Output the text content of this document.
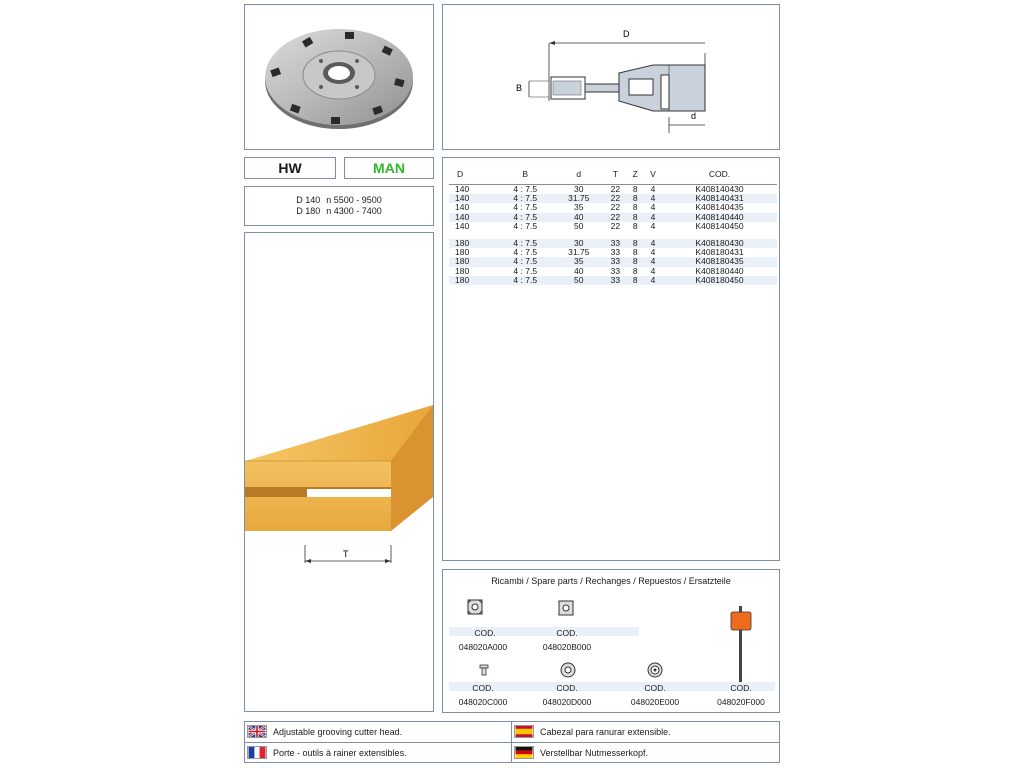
D
B
d
HW	MAN
D 140 n 5500 - 9500
D 180 n 4300 - 7400
T
D	B	d	T	Z	V	COD.
140	4 : 7.5	30	22	8	4	K408140430
140	4 : 7.5	31.75	22	8	4	K408140431
140	4 : 7.5	35	22	8	4	K408140435
140	4 : 7.5	40	22	8	4	K408140440
140	4 : 7.5	50	22	8	4	K408140450

180	4 : 7.5	30	33	8	4	K408180430
180	4 : 7.5	31.75	33	8	4	K408180431
180	4 : 7.5	35	33	8	4	K408180435
180	4 : 7.5	40	33	8	4	K408180440
180	4 : 7.5	50	33	8	4	K408180450
Ricambi / Spare parts / Rechanges / Repuestos / Ersatzteile
COD.	COD.
048020A000	048020B000
COD.	COD.	COD.	COD.
048020C000	048020D000	048020E000	048020F000
Adjustable grooving cutter head.	Cabezal para ranurar extensible.
Porte - outils à rainer extensibles.	Verstellbar Nutmesserkopf.
